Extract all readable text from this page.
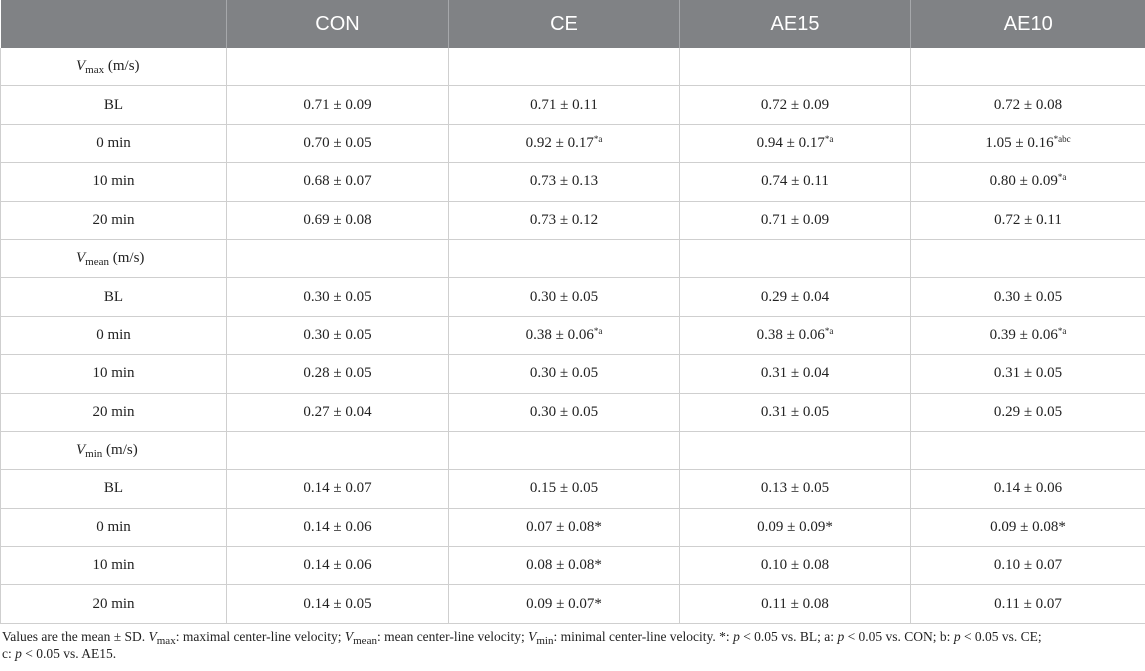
	CON	CE	AE15	AE10
$V_{max}$ (m/s)				
BL	0.71 ± 0.09	0.71 ± 0.11	0.72 ± 0.09	0.72 ± 0.08
0 min	0.70 ± 0.05	$0.92 \pm 0.17^{*a}$	$0.94 \pm 0.17^{*a}$	$1.05 \pm 0.16^{*abc}$
10 min	0.68 ± 0.07	0.73 ± 0.13	0.74 ± 0.11	$0.80 \pm 0.09^{*a}$
20 min	0.69 ± 0.08	0.73 ± 0.12	0.71 ± 0.09	0.72 ± 0.11
$V_{mean}$ (m/s)				
BL	0.30 ± 0.05	0.30 ± 0.05	0.29 ± 0.04	0.30 ± 0.05
0 min	0.30 ± 0.05	$0.38 \pm 0.06^{*a}$	$0.38 \pm 0.06^{*a}$	$0.39 \pm 0.06^{*a}$
10 min	0.28 ± 0.05	0.30 ± 0.05	0.31 ± 0.04	0.31 ± 0.05
20 min	0.27 ± 0.04	0.30 ± 0.05	0.31 ± 0.05	0.29 ± 0.05
$V_{min}$ (m/s)				
BL	0.14 ± 0.07	0.15 ± 0.05	0.13 ± 0.05	0.14 ± 0.06
0 min	0.14 ± 0.06	0.07 ± 0.08*	0.09 ± 0.09*	0.09 ± 0.08*
10 min	0.14 ± 0.06	0.08 ± 0.08*	0.10 ± 0.08	0.10 ± 0.07
20 min	0.14 ± 0.05	0.09 ± 0.07*	0.11 ± 0.08	0.11 ± 0.07
Values are the mean ± SD. $V_{max}$: maximal center-line velocity; $V_{mean}$: mean center-line velocity; $V_{min}$: minimal center-line velocity. *: p < 0.05 vs. BL; a: p < 0.05 vs. CON; b: p < 0.05 vs. CE;
c: p < 0.05 vs. AE15.
